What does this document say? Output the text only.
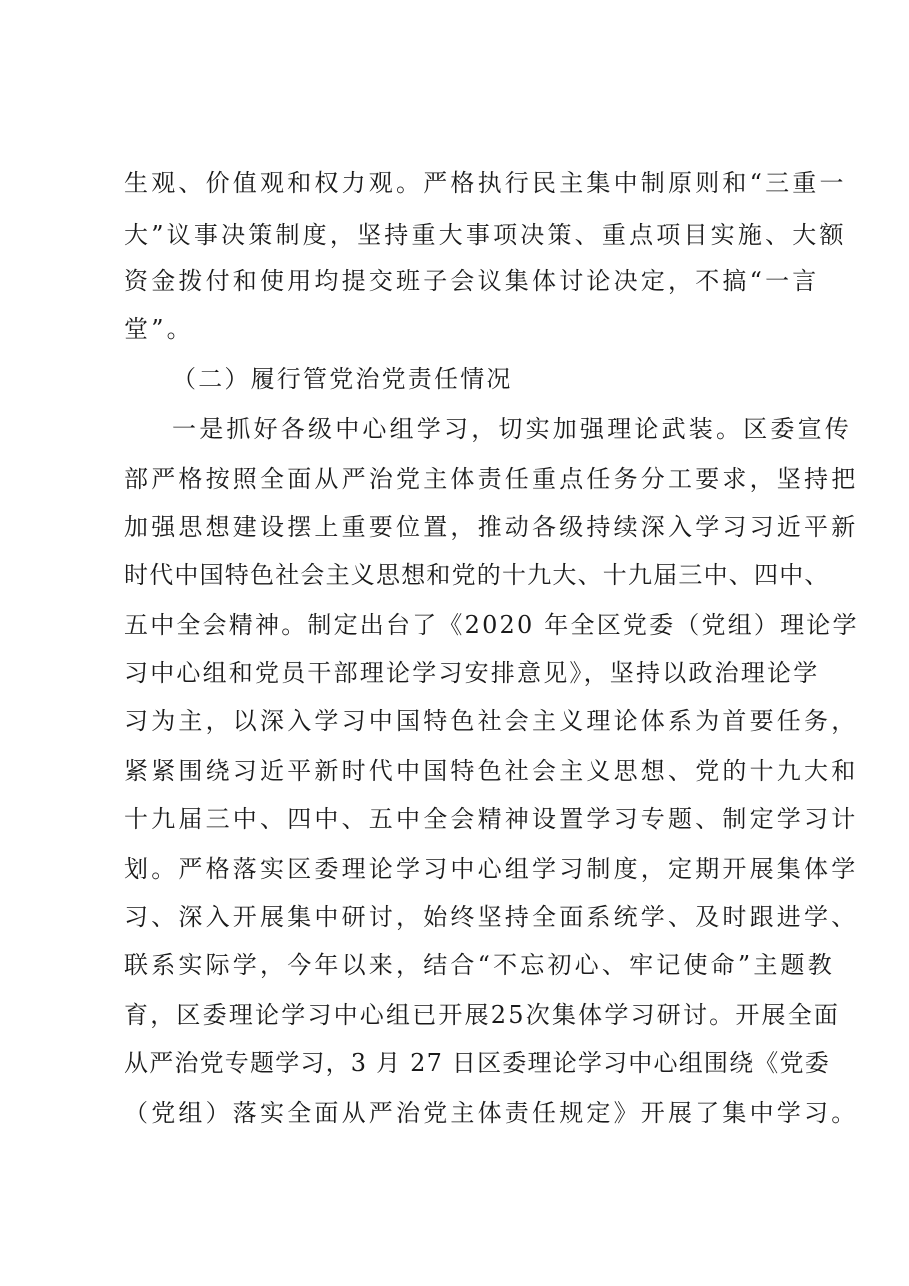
生观、价值观和权力观。严格执行民主集中制原则和“三重一
大”议事决策制度，坚持重大事项决策、重点项目实施、大额
资金拨付和使用均提交班子会议集体讨论决定，不搞“一言
堂”。
（二）履行管党治党责任情况
一是抓好各级中心组学习，切实加强理论武装。区委宣传
部严格按照全面从严治党主体责任重点任务分工要求，坚持把
加强思想建设摆上重要位置，推动各级持续深入学习习近平新
时代中国特色社会主义思想和党的十九大、十九届三中、四中、
五中全会精神。制定出台了《2020 年全区党委（党组）理论学
习中心组和党员干部理论学习安排意见》，坚持以政治理论学
习为主，以深入学习中国特色社会主义理论体系为首要任务，
紧紧围绕习近平新时代中国特色社会主义思想、党的十九大和
十九届三中、四中、五中全会精神设置学习专题、制定学习计
划。严格落实区委理论学习中心组学习制度，定期开展集体学
习、深入开展集中研讨，始终坚持全面系统学、及时跟进学、
联系实际学，今年以来，结合“不忘初心、牢记使命”主题教
育，区委理论学习中心组已开展25次集体学习研讨。开展全面
从严治党专题学习，3 月 27 日区委理论学习中心组围绕《党委
（党组）落实全面从严治党主体责任规定》开展了集中学习。
